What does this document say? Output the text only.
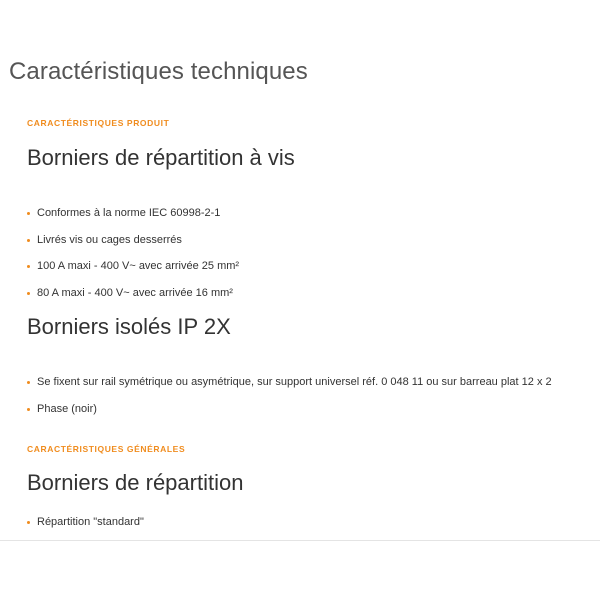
Caractéristiques techniques
CARACTÉRISTIQUES PRODUIT
Borniers de répartition à vis
Conformes à la norme IEC 60998-2-1
Livrés vis ou cages desserrés
100 A maxi - 400 V~ avec arrivée 25 mm²
80 A maxi - 400 V~ avec arrivée 16 mm²
Borniers isolés IP 2X
Se fixent sur rail symétrique ou asymétrique, sur support universel réf. 0 048 11 ou sur barreau plat 12 x 2
Phase (noir)
CARACTÉRISTIQUES GÉNÉRALES
Borniers de répartition
Répartition "standard"
